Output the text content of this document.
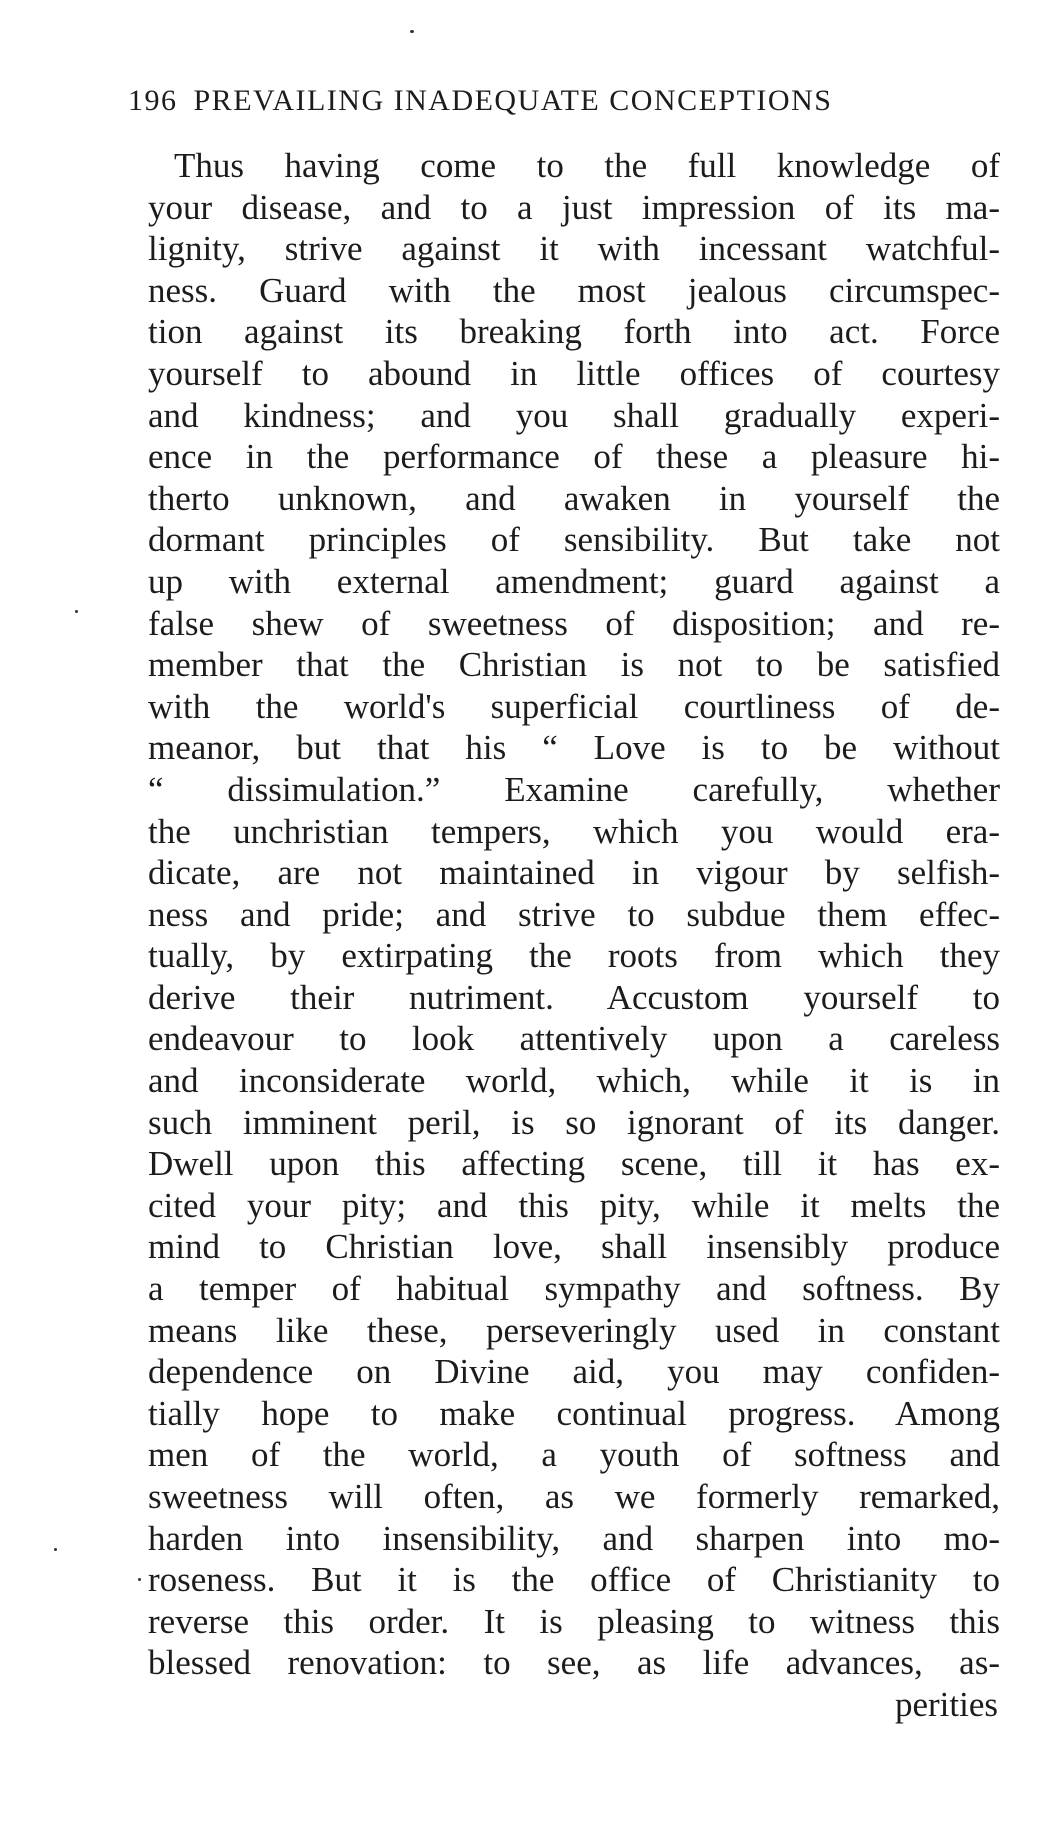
196 PREVAILING INADEQUATE CONCEPTIONS
Thus having come to the full knowledge of
your disease, and to a just impression of its ma-
lignity, strive against it with incessant watchful-
ness. Guard with the most jealous circumspec-
tion against its breaking forth into act. Force
yourself to abound in little offices of courtesy
and kindness; and you shall gradually experi-
ence in the performance of these a pleasure hi-
therto unknown, and awaken in yourself the
dormant principles of sensibility. But take not
up with external amendment; guard against a
false shew of sweetness of disposition; and re-
member that the Christian is not to be satisfied
with the world's superficial courtliness of de-
meanor, but that his “ Love is to be without
“ dissimulation.” Examine carefully, whether
the unchristian tempers, which you would era-
dicate, are not maintained in vigour by selfish-
ness and pride; and strive to subdue them effec-
tually, by extirpating the roots from which they
derive their nutriment. Accustom yourself to
endeavour to look attentively upon a careless
and inconsiderate world, which, while it is in
such imminent peril, is so ignorant of its danger.
Dwell upon this affecting scene, till it has ex-
cited your pity; and this pity, while it melts the
mind to Christian love, shall insensibly produce
a temper of habitual sympathy and softness. By
means like these, perseveringly used in constant
dependence on Divine aid, you may confiden-
tially hope to make continual progress. Among
men of the world, a youth of softness and
sweetness will often, as we formerly remarked,
harden into insensibility, and sharpen into mo-
roseness. But it is the office of Christianity to
reverse this order. It is pleasing to witness this
blessed renovation: to see, as life advances, as-
perities
